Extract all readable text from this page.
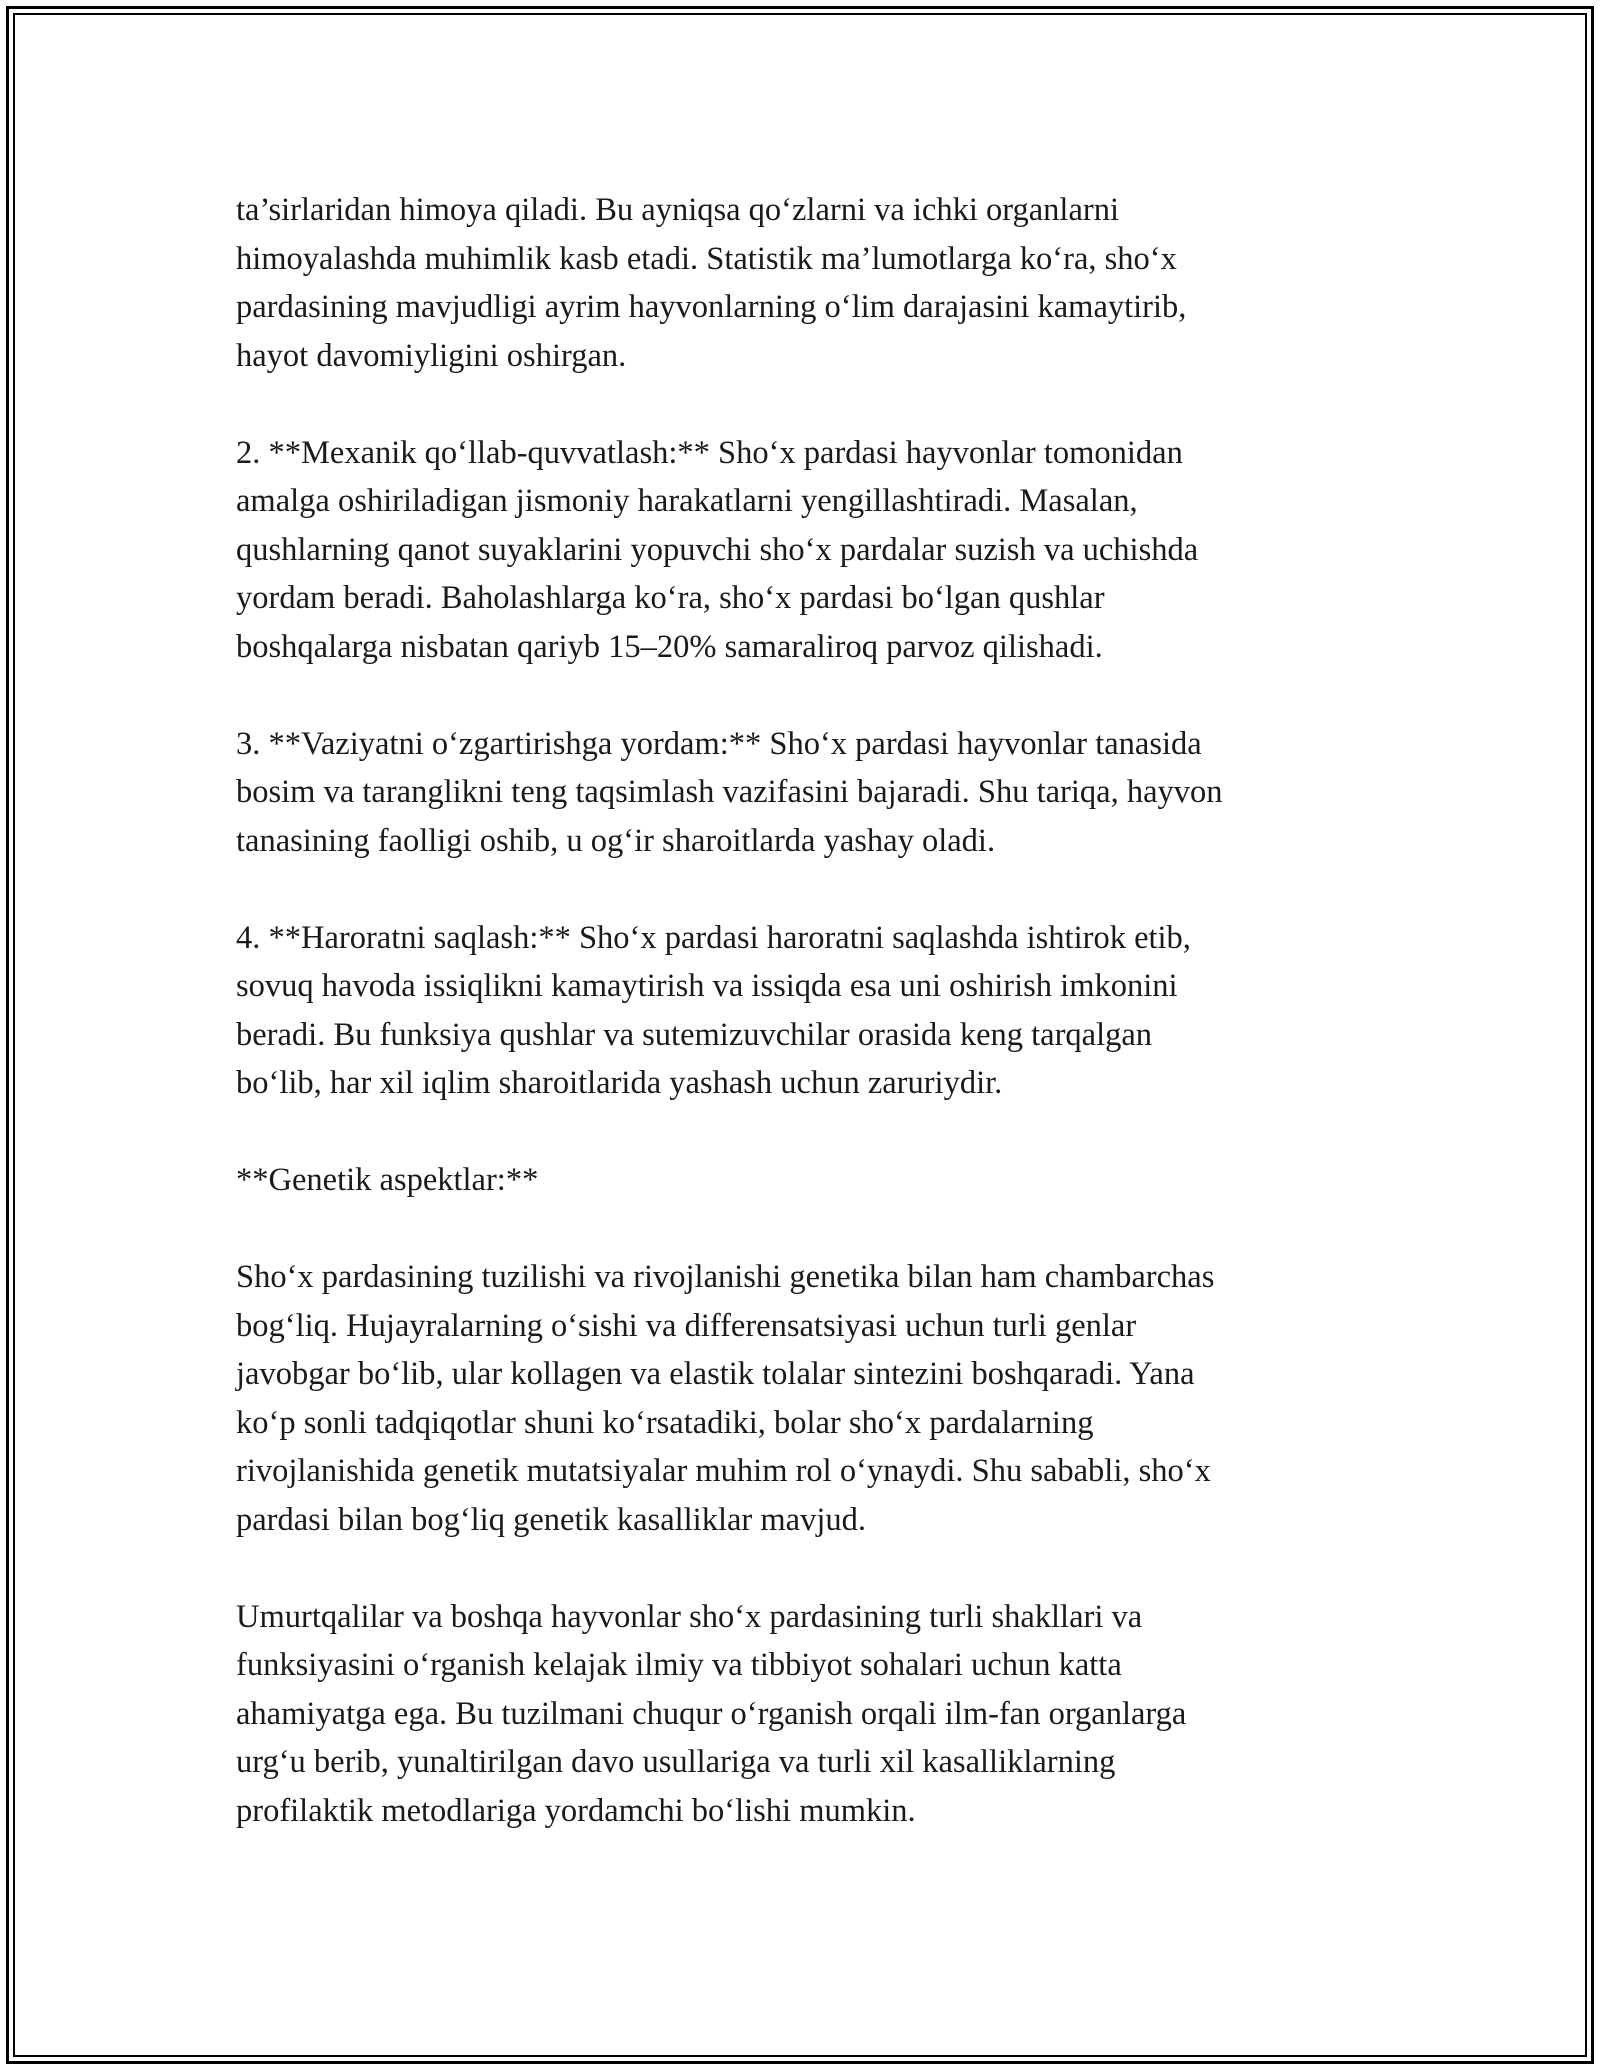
ta’sirlaridan himoya qiladi. Bu ayniqsa qo‘zlarni va ichki organlarni
himoyalashda muhimlik kasb etadi. Statistik ma’lumotlarga ko‘ra, sho‘x
pardasining mavjudligi ayrim hayvonlarning o‘lim darajasini kamaytirib,
hayot davomiyligini oshirgan.

2. **Mexanik qo‘llab-quvvatlash:** Sho‘x pardasi hayvonlar tomonidan
amalga oshiriladigan jismoniy harakatlarni yengillashtiradi. Masalan,
qushlarning qanot suyaklarini yopuvchi sho‘x pardalar suzish va uchishda
yordam beradi. Baholashlarga ko‘ra, sho‘x pardasi bo‘lgan qushlar
boshqalarga nisbatan qariyb 15–20% samaraliroq parvoz qilishadi.

3. **Vaziyatni o‘zgartirishga yordam:** Sho‘x pardasi hayvonlar tanasida
bosim va taranglikni teng taqsimlash vazifasini bajaradi. Shu tariqa, hayvon
tanasining faolligi oshib, u og‘ir sharoitlarda yashay oladi.

4. **Haroratni saqlash:** Sho‘x pardasi haroratni saqlashda ishtirok etib,
sovuq havoda issiqlikni kamaytirish va issiqda esa uni oshirish imkonini
beradi. Bu funksiya qushlar va sutemizuvchilar orasida keng tarqalgan
bo‘lib, har xil iqlim sharoitlarida yashash uchun zaruriydir.

**Genetik aspektlar:**

Sho‘x pardasining tuzilishi va rivojlanishi genetika bilan ham chambarchas
bog‘liq. Hujayralarning o‘sishi va differensatsiyasi uchun turli genlar
javobgar bo‘lib, ular kollagen va elastik tolalar sintezini boshqaradi. Yana
ko‘p sonli tadqiqotlar shuni ko‘rsatadiki, bolar sho‘x pardalarning
rivojlanishida genetik mutatsiyalar muhim rol o‘ynaydi. Shu sababli, sho‘x
pardasi bilan bog‘liq genetik kasalliklar mavjud.

Umurtqalilar va boshqa hayvonlar sho‘x pardasining turli shakllari va
funksiyasini o‘rganish kelajak ilmiy va tibbiyot sohalari uchun katta
ahamiyatga ega. Bu tuzilmani chuqur o‘rganish orqali ilm-fan organlarga
urg‘u berib, yunaltirilgan davo usullariga va turli xil kasalliklarning
profilaktik metodlariga yordamchi bo‘lishi mumkin.
